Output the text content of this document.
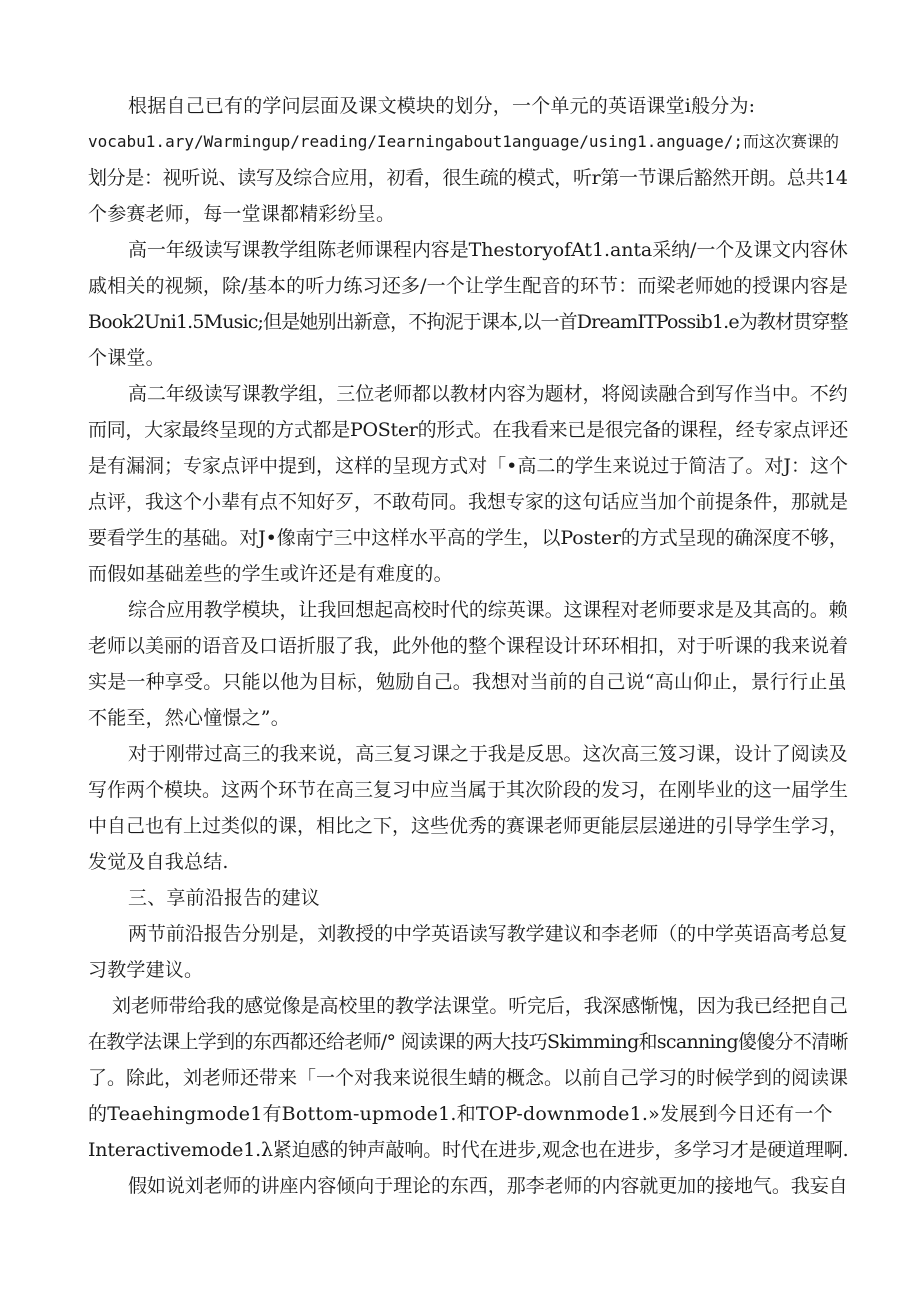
根据自己已有的学问层面及课文模块的划分，一个单元的英语课堂i般分为:
vocabu1.ary/Warmingup/reading/Iearningabout1anguage/using1.anguage/;而这次赛课的
划分是：视听说、读写及综合应用，初看，很生疏的模式，听r第一节课后豁然开朗。总共14
个参赛老师，每一堂课都精彩纷呈。
高一年级读写课教学组陈老师课程内容是ThestoryofAt1.anta采纳/一个及课文内容休
戚相关的视频，除/基本的听力练习还多/一个让学生配音的环节：而梁老师她的授课内容是
Book2Uni1.5Music;但是她别出新意，不拘泥于课本,以一首DreamITPossib1.e为教材贯穿整
个课堂。
高二年级读写课教学组，三位老师都以教材内容为题材，将阅读融合到写作当中。不约
而同，大家最终呈现的方式都是POSter的形式。在我看来已是很完备的课程，经专家点评还
是有漏洞；专家点评中提到，这样的呈现方式对「•高二的学生来说过于简洁了。对J：这个
点评，我这个小辈有点不知好歹，不敢苟同。我想专家的这句话应当加个前提条件，那就是
要看学生的基础。对J•像南宁三中这样水平高的学生，以Poster的方式呈现的确深度不够，
而假如基础差些的学生或许还是有难度的。
综合应用教学模块，让我回想起高校时代的综英课。这课程对老师要求是及其高的。赖
老师以美丽的语音及口语折服了我，此外他的整个课程设计环环相扣，对于听课的我来说着
实是一种享受。只能以他为目标，勉励自己。我想对当前的自己说“高山仰止，景行行止虽
不能至，然心憧憬之”。
对于刚带过高三的我来说，高三复习课之于我是反思。这次高三笈习课，设计了阅读及
写作两个模块。这两个环节在高三复习中应当属于其次阶段的发习，在刚毕业的这一届学生
中自己也有上过类似的课，相比之下，这些优秀的赛课老师更能层层递进的引导学生学习，
发觉及自我总结.
三、享前沿报告的建议
两节前沿报告分别是，刘教授的中学英语读写教学建议和李老师（的中学英语高考总复
习教学建议。
刘老师带给我的感觉像是高校里的教学法课堂。听完后，我深感惭愧，因为我已经把自己
在教学法课上学到的东西都还给老师/° 阅读课的两大技巧Skimming和scanning傻傻分不清晰
了。除此，刘老师还带来「一个对我来说很生蜻的概念。以前自己学习的时候学到的阅读课
的Teaehingmode1有Bottom-upmode1.和TOP-downmode1.»发展到今日还有一个
Interactivemode1.λ紧迫感的钟声敲响。时代在进步,观念也在进步，多学习才是硬道理啊.
假如说刘老师的讲座内容倾向于理论的东西，那李老师的内容就更加的接地气。我妄自
